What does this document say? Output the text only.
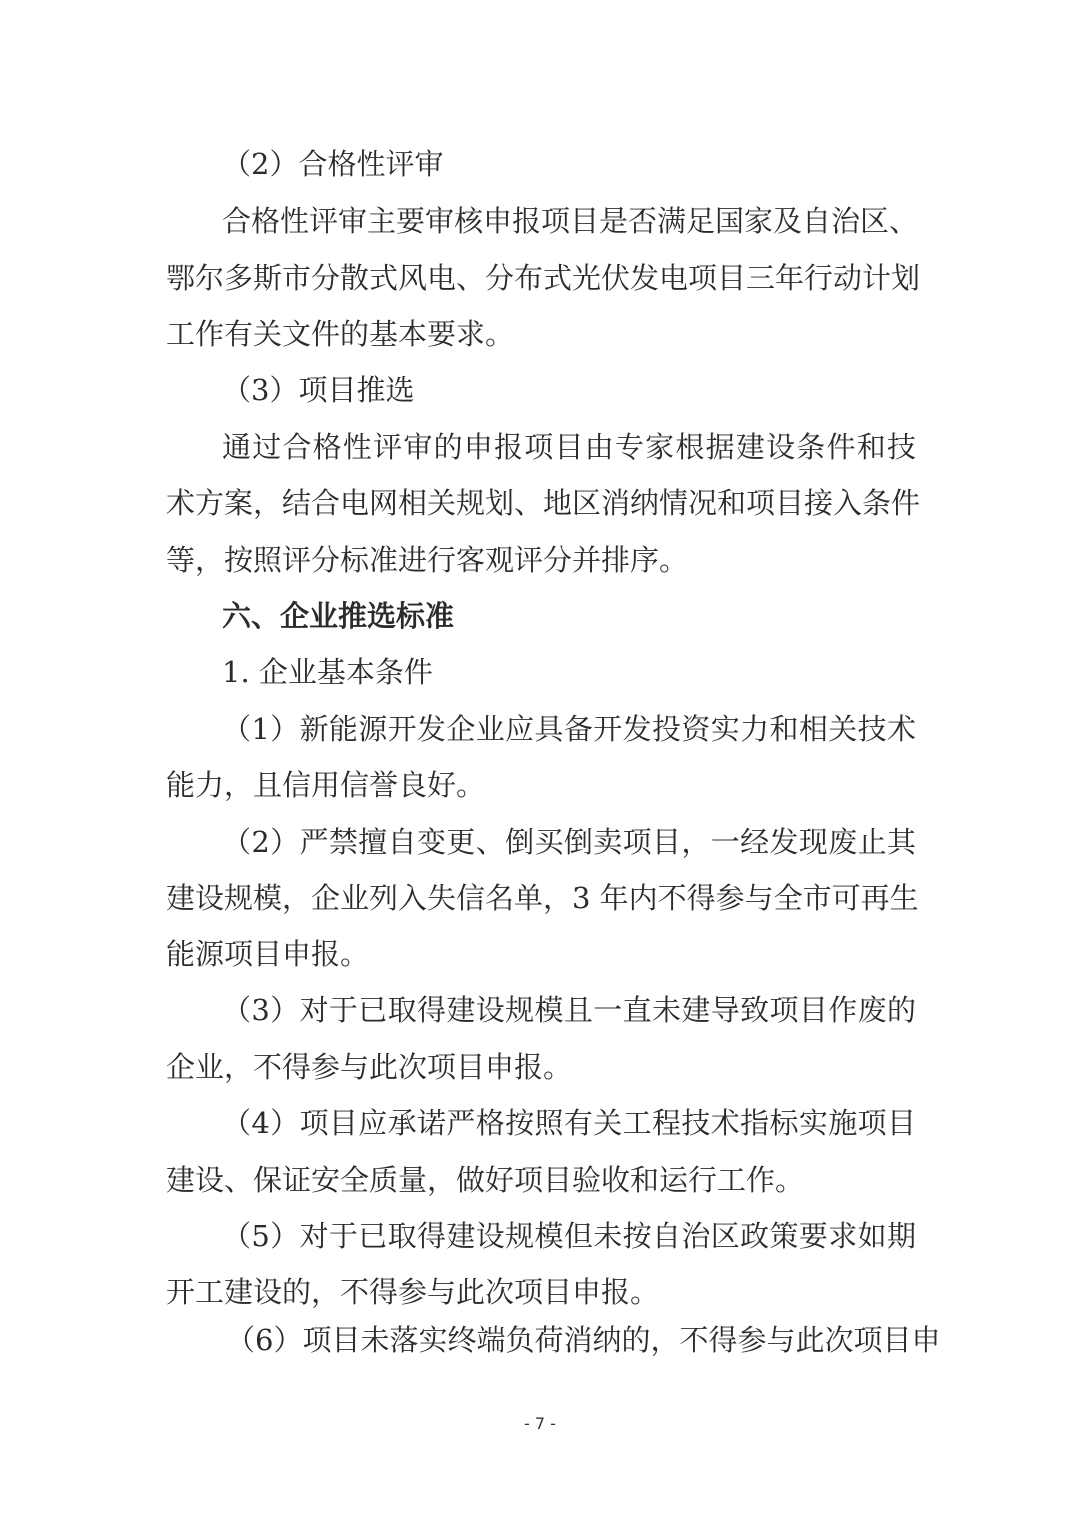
（2）合格性评审
合格性评审主要审核申报项目是否满足国家及自治区、
鄂尔多斯市分散式风电、分布式光伏发电项目三年行动计划
工作有关文件的基本要求。
（3）项目推选
通过合格性评审的申报项目由专家根据建设条件和技
术方案，结合电网相关规划、地区消纳情况和项目接入条件
等，按照评分标准进行客观评分并排序。
六、企业推选标准
1. 企业基本条件
（1）新能源开发企业应具备开发投资实力和相关技术
能力，且信用信誉良好。
（2）严禁擅自变更、倒买倒卖项目，一经发现废止其
建设规模，企业列入失信名单，3 年内不得参与全市可再生
能源项目申报。
（3）对于已取得建设规模且一直未建导致项目作废的
企业，不得参与此次项目申报。
（4）项目应承诺严格按照有关工程技术指标实施项目
建设、保证安全质量，做好项目验收和运行工作。
（5）对于已取得建设规模但未按自治区政策要求如期
开工建设的，不得参与此次项目申报。
（6）项目未落实终端负荷消纳的，不得参与此次项目申
- 7 -
